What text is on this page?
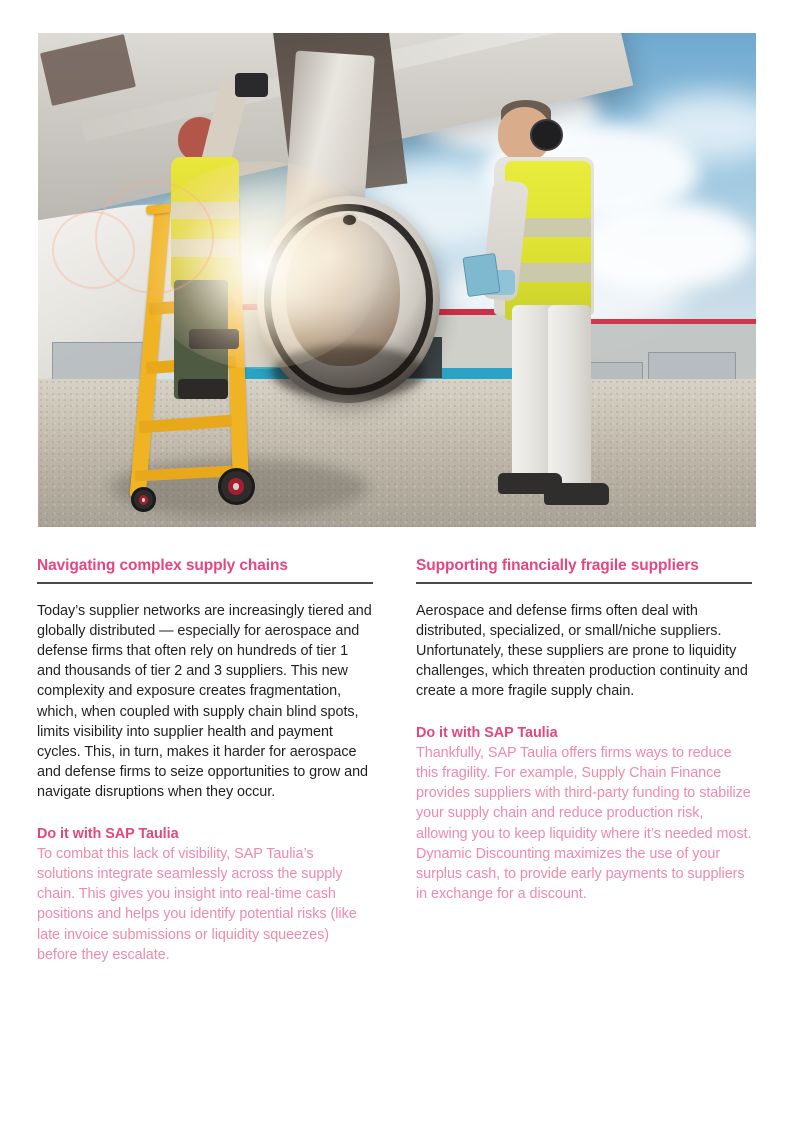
Navigating complex supply chains

Today’s supplier networks are increasingly tiered and globally distributed — especially for aerospace and defense firms that often rely on hundreds of tier 1 and thousands of tier 2 and 3 suppliers. This new complexity and exposure creates fragmentation, which, when coupled with supply chain blind spots, limits visibility into supplier health and payment cycles. This, in turn, makes it harder for aerospace and defense firms to seize opportunities to grow and navigate disruptions when they occur.

Do it with SAP Taulia

To combat this lack of visibility, SAP Taulia’s solutions integrate seamlessly across the supply chain. This gives you insight into real-time cash positions and helps you identify potential risks (like late invoice submissions or liquidity squeezes) before they escalate.

Supporting financially fragile suppliers

Aerospace and defense firms often deal with distributed, specialized, or small/niche suppliers. Unfortunately, these suppliers are prone to liquidity challenges, which threaten production continuity and create a more fragile supply chain.

Do it with SAP Taulia

Thankfully, SAP Taulia offers firms ways to reduce this fragility. For example, Supply Chain Finance provides suppliers with third-party funding to stabilize your supply chain and reduce production risk, allowing you to keep liquidity where it’s needed most. Dynamic Discounting maximizes the use of your surplus cash, to provide early payments to suppliers in exchange for a discount.
